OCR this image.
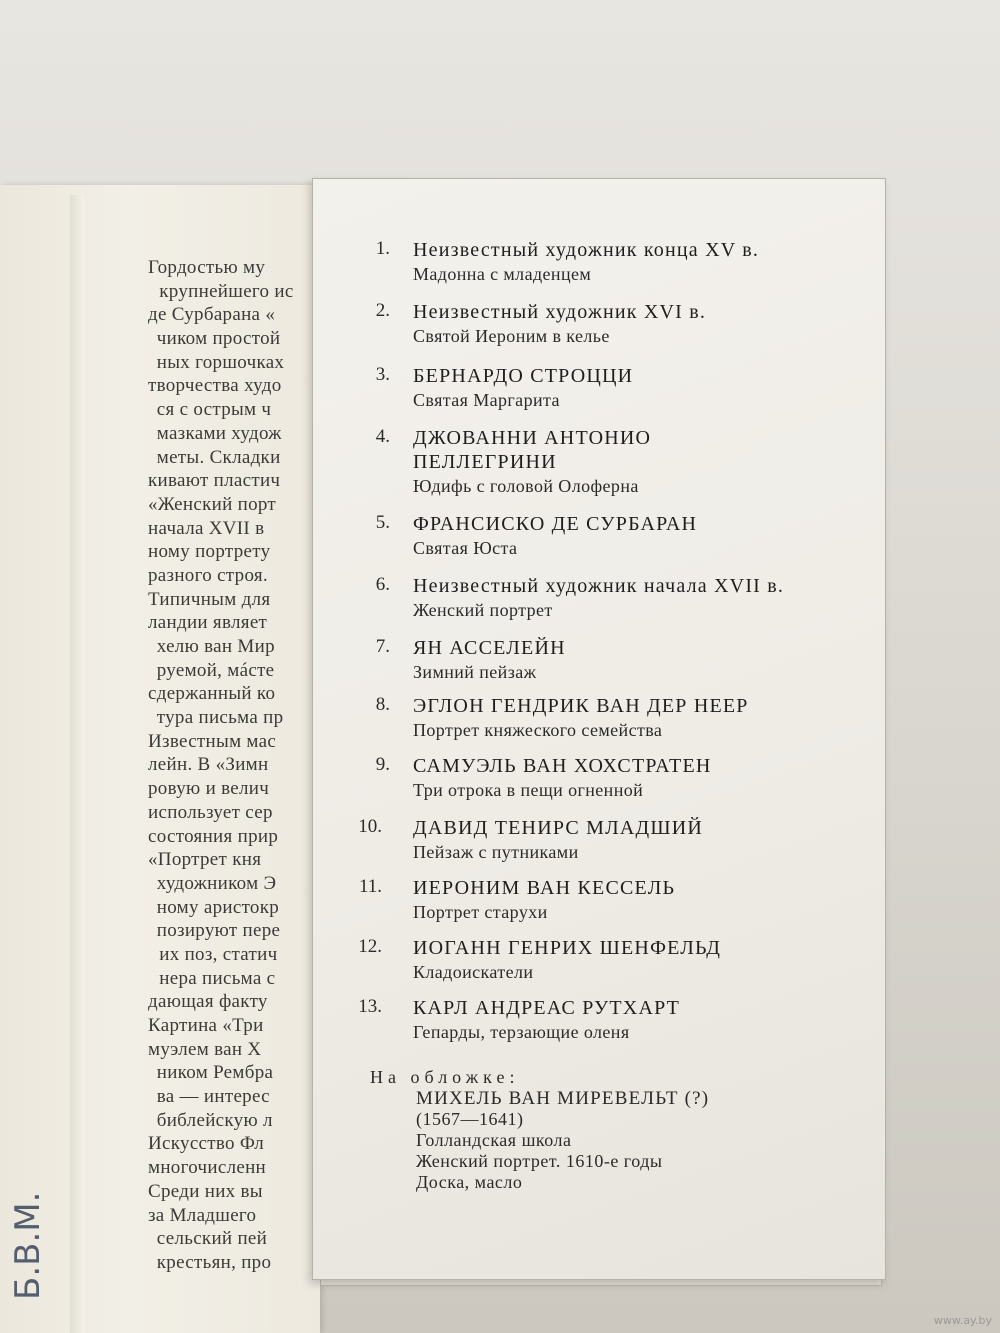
Гордостью му
крупнейшего ис
де Сурбарана «
чиком простой
ных горшочках
творчества худо
ся с острым ч
мазками худож
меты. Складки
кивают пластич
«Женский порт
начала XVII в
ному портрету
разного строя.
Типичным для
ландии являет
хелю ван Мир
руемой, мáсте
сдержанный ко
тура письма пр
Известным мас
лейн. В «Зимн
ровую и велич
использует сер
состояния прир
«Портрет кня
художником Э
ному аристокр
позируют пере
их поз, статич
нера письма с
дающая факту
Картина «Три
муэлем ван Х
ником Рембра
ва — интерес
библейскую л
Искусство Фл
многочисленн
Среди них вы
за Младшего
сельский пей
крестьян, про
Б.В.М.
1. Неизвестный художник конца XV в.
Мадонна с младенцем
2. Неизвестный художник XVI в.
Святой Иероним в келье
3. БЕРНАРДО СТРОЦЦИ
Святая Маргарита
4. ДЖОВАННИ АНТОНИО
ПЕЛЛЕГРИНИ
Юдифь с головой Олоферна
5. ФРАНСИСКО ДЕ СУРБАРАН
Святая Юста
6. Неизвестный художник начала XVII в.
Женский портрет
7. ЯН АССЕЛЕЙН
Зимний пейзаж
8. ЭГЛОН ГЕНДРИК ВАН ДЕР НЕЕР
Портрет княжеского семейства
9. САМУЭЛЬ ВАН ХОХСТРАТЕН
Три отрока в пещи огненной
10. ДАВИД ТЕНИРС МЛАДШИЙ
Пейзаж с путниками
11. ИЕРОНИМ ВАН КЕССЕЛЬ
Портрет старухи
12. ИОГАНН ГЕНРИХ ШЕНФЕЛЬД
Кладоискатели
13. КАРЛ АНДРЕАС РУТХАРТ
Гепарды, терзающие оленя
На обложке:
МИХЕЛЬ ВАН МИРЕВЕЛЬТ (?)
(1567—1641)
Голландская школа
Женский портрет. 1610-е годы
Доска, масло
www.ay.by
